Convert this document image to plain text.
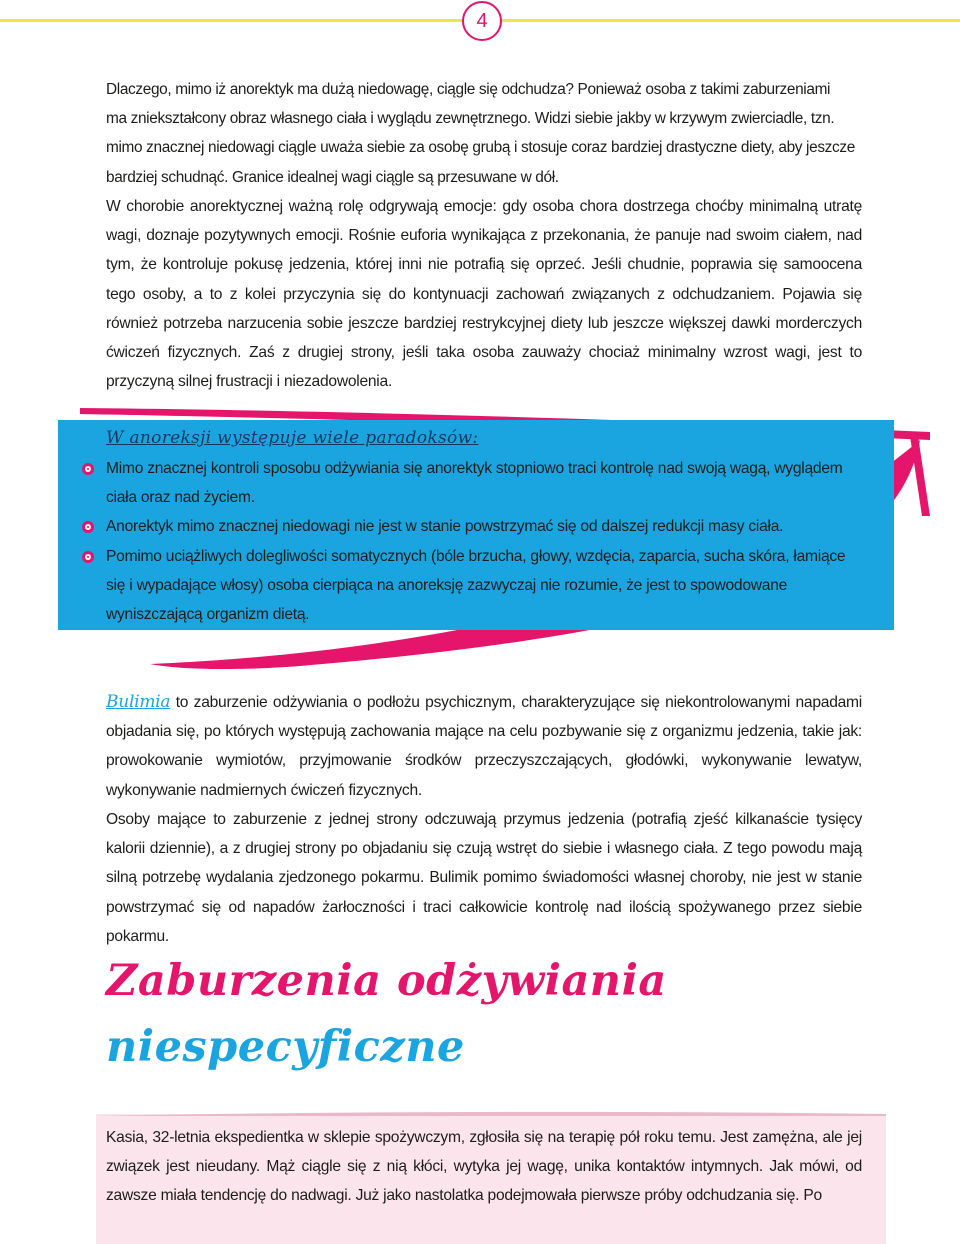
4

Dlaczego, mimo iż anorektyk ma dużą niedowagę, ciągle się odchudza? Ponieważ osoba z takimi zaburzeniami

ma zniekształcony obraz własnego ciała i wyglądu zewnętrznego. Widzi siebie jakby w krzywym zwierciadle, tzn.

mimo znacznej niedowagi ciągle uważa siebie za osobę grubą i stosuje coraz bardziej drastyczne diety, aby jeszcze

bardziej schudnąć. Granice idealnej wagi ciągle są przesuwane w dół.

W chorobie anorektycznej ważną rolę odgrywają emocje: gdy osoba chora dostrzega choćby minimalną utratę wagi, doznaje pozytywnych emocji. Rośnie euforia wynikająca z przekonania, że panuje nad swoim ciałem, nad tym, że kontroluje pokusę jedzenia, której inni nie potrafią się oprzeć. Jeśli chudnie, poprawia się samoocena tego osoby, a to z kolei przyczynia się do kontynuacji zachowań związanych z odchudzaniem. Pojawia się również potrzeba narzucenia sobie jeszcze bardziej restrykcyjnej diety lub jeszcze większej dawki morderczych ćwiczeń fizycznych. Zaś z drugiej strony, jeśli taka osoba zauważy chociaż minimalny wzrost wagi, jest to przyczyną silnej frustracji i niezadowolenia.
W anoreksji występuje wiele paradoksów:
Mimo znacznej kontroli sposobu odżywiania się anorektyk stopniowo traci kontrolę nad swoją wagą, wyglądem ciała oraz nad życiem.
Anorektyk mimo znacznej niedowagi nie jest w stanie powstrzymać się od dalszej redukcji masy ciała.
Pomimo uciążliwych dolegliwości somatycznych (bóle brzucha, głowy, wzdęcia, zaparcia, sucha skóra, łamiące się i wypadające włosy) osoba cierpiąca na anoreksję zazwyczaj nie rozumie, że jest to spowodowane wyniszczającą organizm dietą.
Bulimia to zaburzenie odżywiania o podłożu psychicznym, charakteryzujące się niekontrolowanymi napadami objadania się, po których występują zachowania mające na celu pozbywanie się z organizmu jedzenia, takie jak: prowokowanie wymiotów, przyjmowanie środków przeczyszczających, głodówki, wykonywanie lewatyw, wykonywanie nadmiernych ćwiczeń fizycznych.
Osoby mające to zaburzenie z jednej strony odczuwają przymus jedzenia (potrafią zjeść kilkanaście tysięcy kalorii dziennie), a z drugiej strony po objadaniu się czują wstręt do siebie i własnego ciała. Z tego powodu mają silną potrzebę wydalania zjedzonego pokarmu. Bulimik pomimo świadomości własnej choroby, nie jest w stanie powstrzymać się od napadów żarłoczności i traci całkowicie kontrolę nad ilością spożywanego przez siebie pokarmu.
Zaburzenia odżywiania
niespecyficzne
Kasia, 32-letnia ekspedientka w sklepie spożywczym, zgłosiła się na terapię pół roku temu. Jest zamężna, ale jej związek jest nieudany. Mąż ciągle się z nią kłóci, wytyka jej wagę, unika kontaktów intymnych. Jak mówi, od zawsze miała tendencję do nadwagi. Już jako nastolatka podejmowała pierwsze próby odchudzania się. Po
